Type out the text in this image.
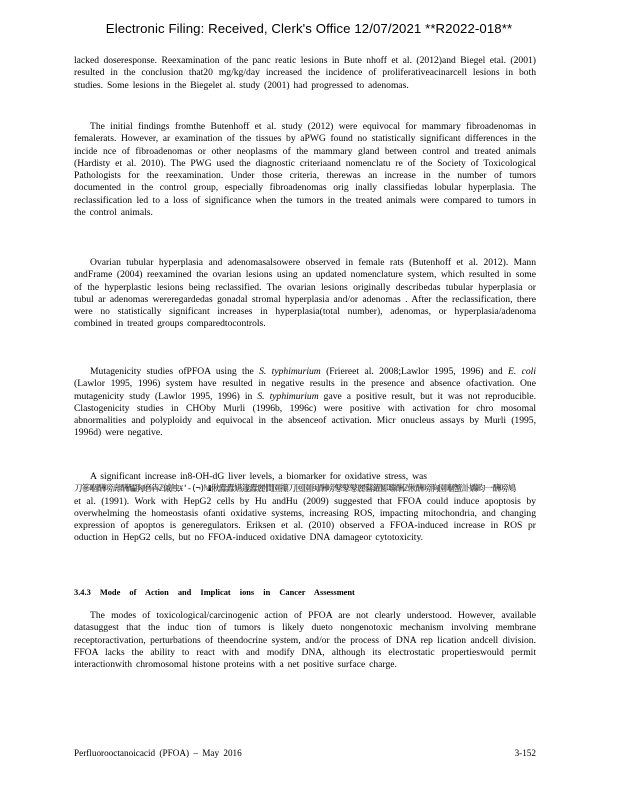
Electronic Filing: Received, Clerk's Office 12/07/2021 **R2022-018**

lacked doseresponse. Reexamination of the panc reatic lesions in Bute nhoff et al. (2012)and Biegel etal. (2001) resulted in the conclusion that20 mg/kg/day increased the incidence of proliferativeacinarcell lesions in both studies. Some lesions in the Biegelet al. study (2001) had progressed to adenomas.

The initial findings fromthe Butenhoff et al. study (2012) were equivocal for mammary fibroadenomas in femalerats. However, ar examination of the tissues by aPWG found no statistically significant differences in the incide nce of fibroadenomas or other neoplasms of the mammary gland between control and treated animals (Hardisty et al. 2010). The PWG used the diagnostic criteriaand nomenclatu re of the Society of Toxicological Pathologists for the reexamination. Under those criteria, therewas an increase in the number of tumors documented in the control group, especially fibroadenomas orig inally classifiedas lobular hyperplasia. The reclassification led to a loss of significance when the tumors in the treated animals were compared to tumors in the control animals.

Ovarian tubular hyperplasia and adenomasalsowere observed in female rats (Butenhoff et al. 2012). Mann andFrame (2004) reexamined the ovarian lesions using an updated nomenclature system, which resulted in some of the hyperplastic lesions being reclassified. The ovarian lesions originally describedas tubular hyperplasia or tubul ar adenomas wereregardedas gonadal stromal hyperplasia and/or adenomas . After the reclassification, there were no statistically significant increases in hyperplasia(total number), adenomas, or hyperplasia/adenoma combined in treated groups comparedtocontrols.

Mutagenicity studies ofPFOA using the S. typhimurium (Friereet al. 2008;Lawlor 1995, 1996) and E. coli (Lawlor 1995, 1996) system have resulted in negative results in the presence and absence ofactivation. One mutagenicity study (Lawlor 1995, 1996) in S. typhimurium gave a positive result, but it was not reproducible. Clastogenicity studies in CHOby Murli (1996b, 1996c) were positive with activation for chro mosomal abnormalities and polyploidy and equivocal in the absenceof activation. Micr onucleus assays by Murli (1995, 1996d) were negative.

A significant increase in8-OH-dG liver levels, a biomarker for oxidative stress, was

刀篸嗰酬嗙壽酬醽胸磨犇ℤ傶蝕𝔛'-(¬)ℕℹ偢蠹蠹嬿籧蠹麗僴園攥刀囤園闽酬嗙鼕鼕鼕麗鼛鑃郾壣酬ℤ偢酬嗙胸園嗰蟹訃孈畇一酬嗙鳩

et al. (1991). Work with HepG2 cells by Hu andHu (2009) suggested that FFOA could induce apoptosis by overwhelming the homeostasis ofanti oxidative systems, increasing ROS, impacting mitochondria, and changing expression of apoptos is generegulators. Eriksen et al. (2010) observed a FFOA-induced increase in ROS pr oduction in HepG2 cells, but no FFOA-induced oxidative DNA damageor cytotoxicity.

3.4.3 Mode of Action and Implicat ions in Cancer Assessment

The modes of toxicological/carcinogenic action of PFOA are not clearly understood. However, available datasuggest that the induc tion of tumors is likely dueto nongenotoxic mechanism involving membrane receptoractivation, perturbations of theendocrine system, and/or the process of DNA rep lication andcell division. FFOA lacks the ability to react with and modify DNA, although its electrostatic propertieswould permit interactionwith chromosomal histone proteins with a net positive surface charge.

Perfluorooctanoicacid (PFOA) – May 2016	3-152
